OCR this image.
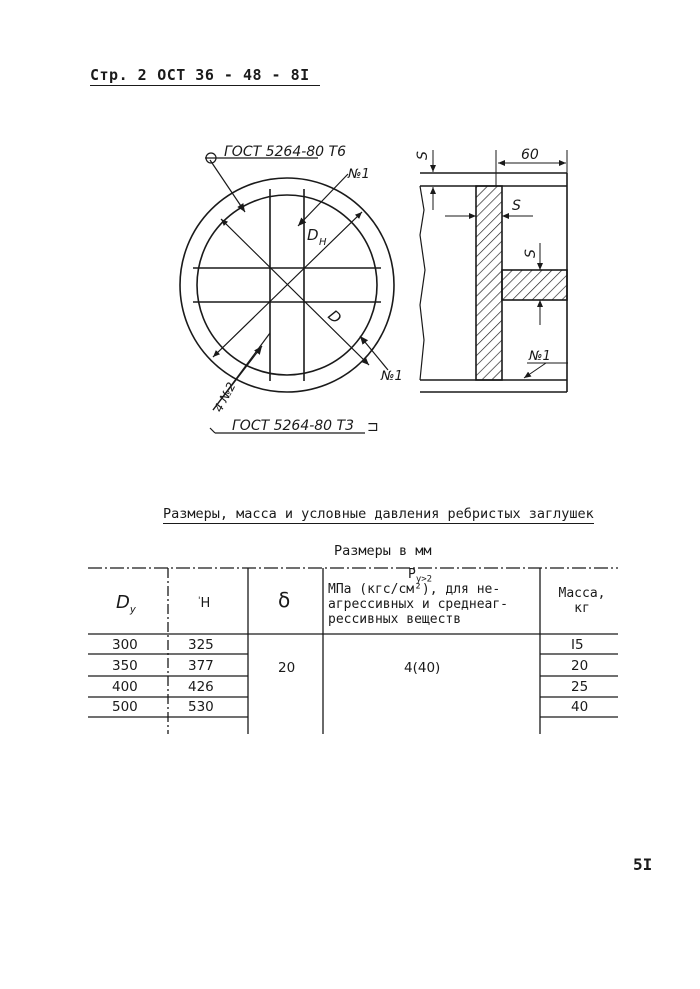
Стр. 2 ОСТ 36 - 48 - 8I
ГОСТ 5264-80 Т6
ГОСТ 5264-80 Т3 ⊐
№1
№1
4 №2
D H
D
60
S
S
S
№1
Размеры, масса и условные давления ребристых заглушек
Размеры в мм
$D_у$
'Н	δ
$P_{у>2}$
МПа (кгс/см²), для не-агрессивных и среднеаг-рессивных веществ
Масса, кг
300
350
400
500
325
377
426
530
20	4(40)
I5
20
25
40
5I
